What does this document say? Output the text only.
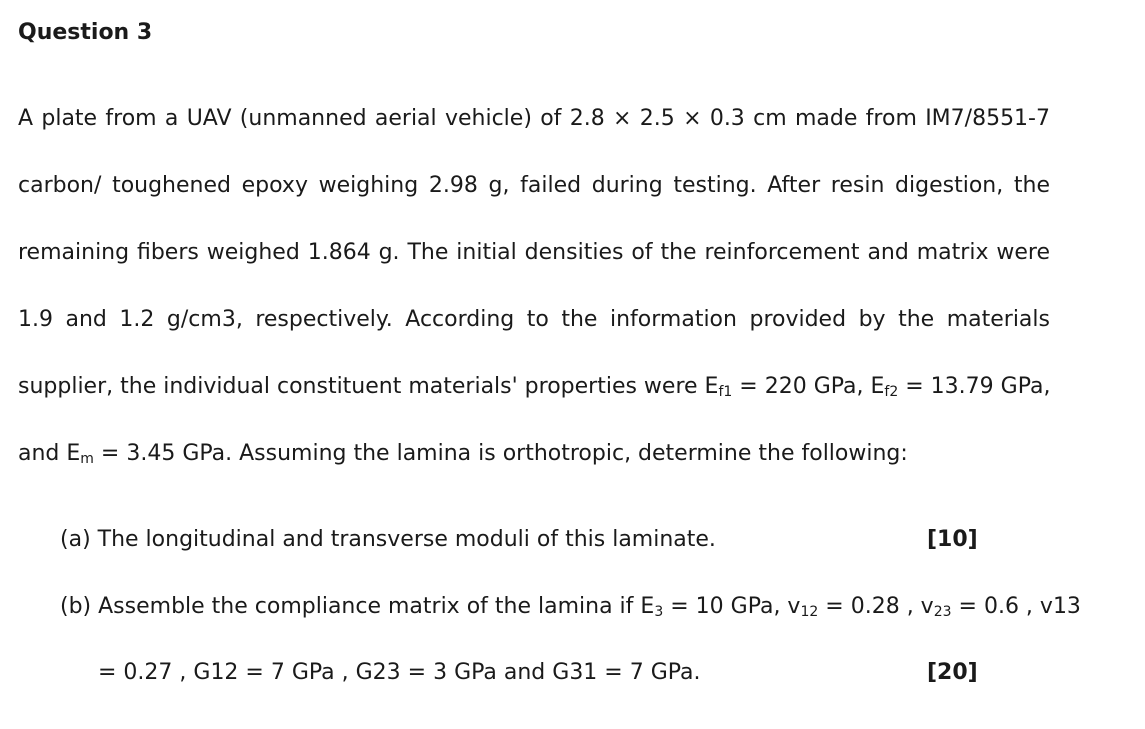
Question 3
A plate from a UAV (unmanned aerial vehicle) of 2.8 × 2.5 × 0.3 cm made from IM7/8551-7
carbon/ toughened epoxy weighing 2.98 g, failed during testing. After resin digestion, the
remaining fibers weighed 1.864 g. The initial densities of the reinforcement and matrix were
1.9 and 1.2 g/cm3, respectively. According to the information provided by the materials
supplier, the individual constituent materials' properties were $E_{f1} = 220$ GPa, $E_{f2} = 13.79$ GPa,
and $E_m = 3.45$ GPa. Assuming the lamina is orthotropic, determine the following:
(a) The longitudinal and transverse moduli of this laminate.	[10]
(b) Assemble the compliance matrix of the lamina if $E_3 = 10$ GPa, $v_{12} = 0.28$ , $v_{23} = 0.6$ , v13
= 0.27 , G12 = 7 GPa , G23 = 3 GPa and G31 = 7 GPa.	[20]
